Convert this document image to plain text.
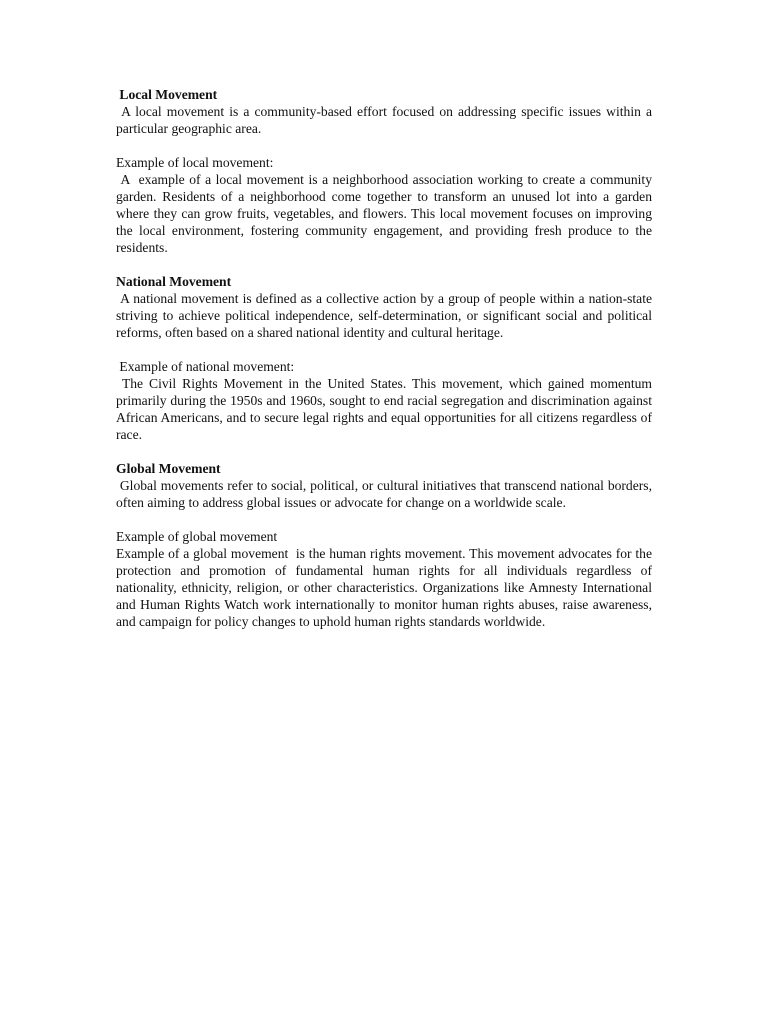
Local Movement
A local movement is a community-based effort focused on addressing specific issues within a particular geographic area.
Example of local movement:
A  example of a local movement is a neighborhood association working to create a community garden. Residents of a neighborhood come together to transform an unused lot into a garden where they can grow fruits, vegetables, and flowers. This local movement focuses on improving the local environment, fostering community engagement, and providing fresh produce to the residents.
National Movement
A national movement is defined as a collective action by a group of people within a nation-state striving to achieve political independence, self-determination, or significant social and political reforms, often based on a shared national identity and cultural heritage.
Example of national movement:
The Civil Rights Movement in the United States. This movement, which gained momentum primarily during the 1950s and 1960s, sought to end racial segregation and discrimination against African Americans, and to secure legal rights and equal opportunities for all citizens regardless of race.
Global Movement
Global movements refer to social, political, or cultural initiatives that transcend national borders, often aiming to address global issues or advocate for change on a worldwide scale.
Example of global movement
Example of a global movement  is the human rights movement. This movement advocates for the protection and promotion of fundamental human rights for all individuals regardless of nationality, ethnicity, religion, or other characteristics. Organizations like Amnesty International and Human Rights Watch work internationally to monitor human rights abuses, raise awareness, and campaign for policy changes to uphold human rights standards worldwide.
